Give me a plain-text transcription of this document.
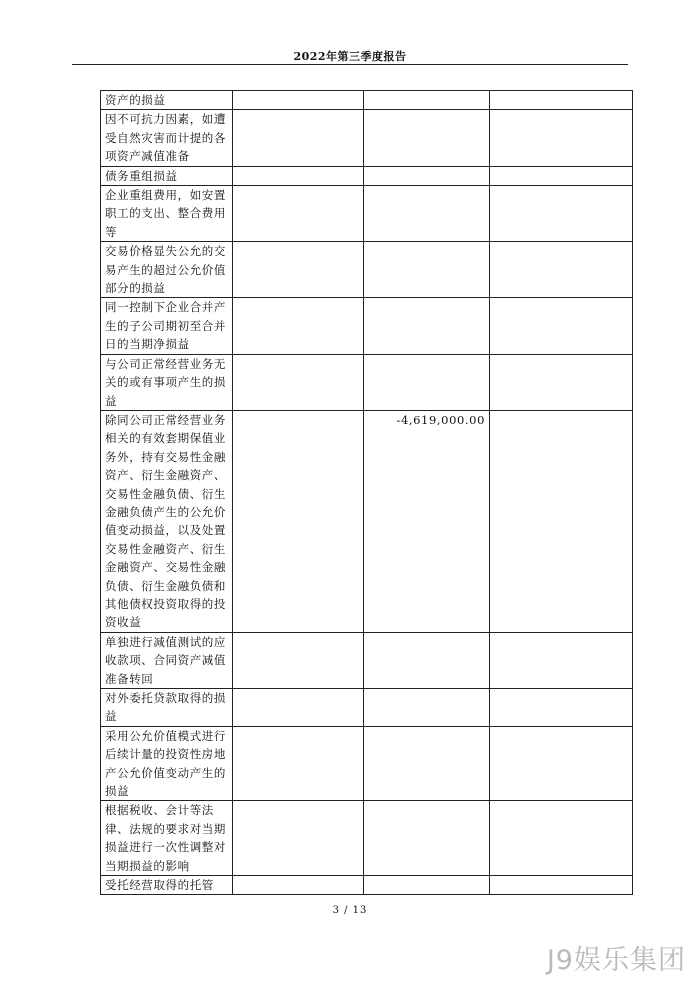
2022年第三季度报告
资产的损益			
因不可抗力因素，如遭受自然灾害而计提的各项资产减值准备			
债务重组损益			
企业重组费用，如安置职工的支出、整合费用等			
交易价格显失公允的交易产生的超过公允价值部分的损益			
同一控制下企业合并产生的子公司期初至合并日的当期净损益			
与公司正常经营业务无关的或有事项产生的损益			
除同公司正常经营业务相关的有效套期保值业务外，持有交易性金融资产、衍生金融资产、交易性金融负债、衍生金融负债产生的公允价值变动损益，以及处置交易性金融资产、衍生金融资产、交易性金融负债、衍生金融负债和其他债权投资取得的投资收益		-4,619,000.00	
单独进行减值测试的应收款项、合同资产减值准备转回			
对外委托贷款取得的损益			
采用公允价值模式进行后续计量的投资性房地产公允价值变动产生的损益			
根据税收、会计等法律、法规的要求对当期损益进行一次性调整对当期损益的影响			
受托经营取得的托管			
3 / 13
J9娱乐集团
